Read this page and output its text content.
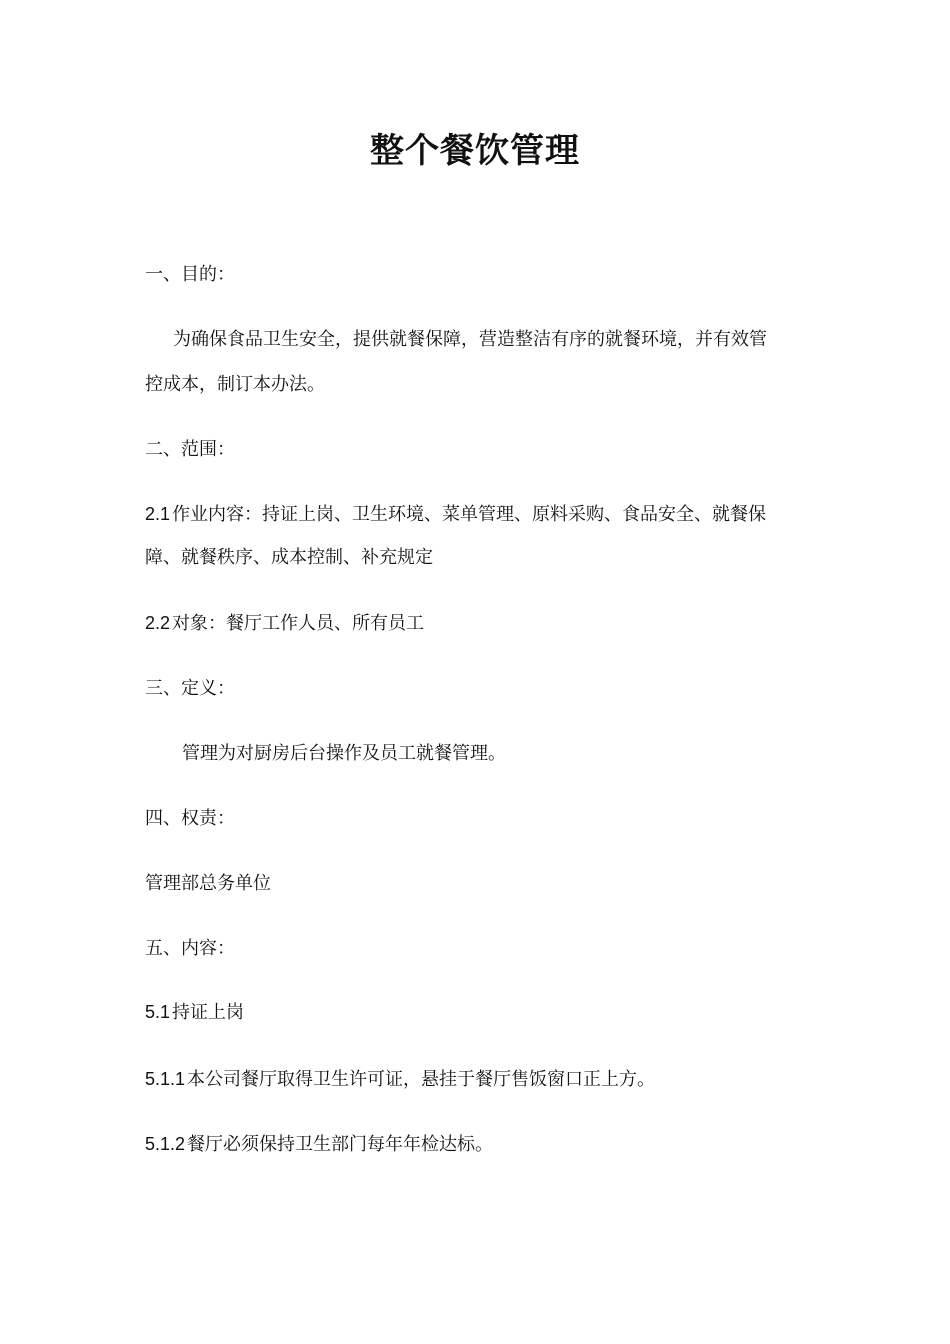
整个餐饮管理
一、目的：
为确保食品卫生安全，提供就餐保障，营造整洁有序的就餐环境，并有效管
控成本，制订本办法。
二、范围：
2.1 作业内容：持证上岗、卫生环境、菜单管理、原料采购、食品安全、就餐保
障、就餐秩序、成本控制、补充规定
2.2 对象：餐厅工作人员、所有员工
三、定义：
管理为对厨房后台操作及员工就餐管理。
四、权责：
管理部总务单位
五、内容：
5.1 持证上岗
5.1.1 本公司餐厅取得卫生许可证，悬挂于餐厅售饭窗口正上方。
5.1.2 餐厅必须保持卫生部门每年年检达标。
